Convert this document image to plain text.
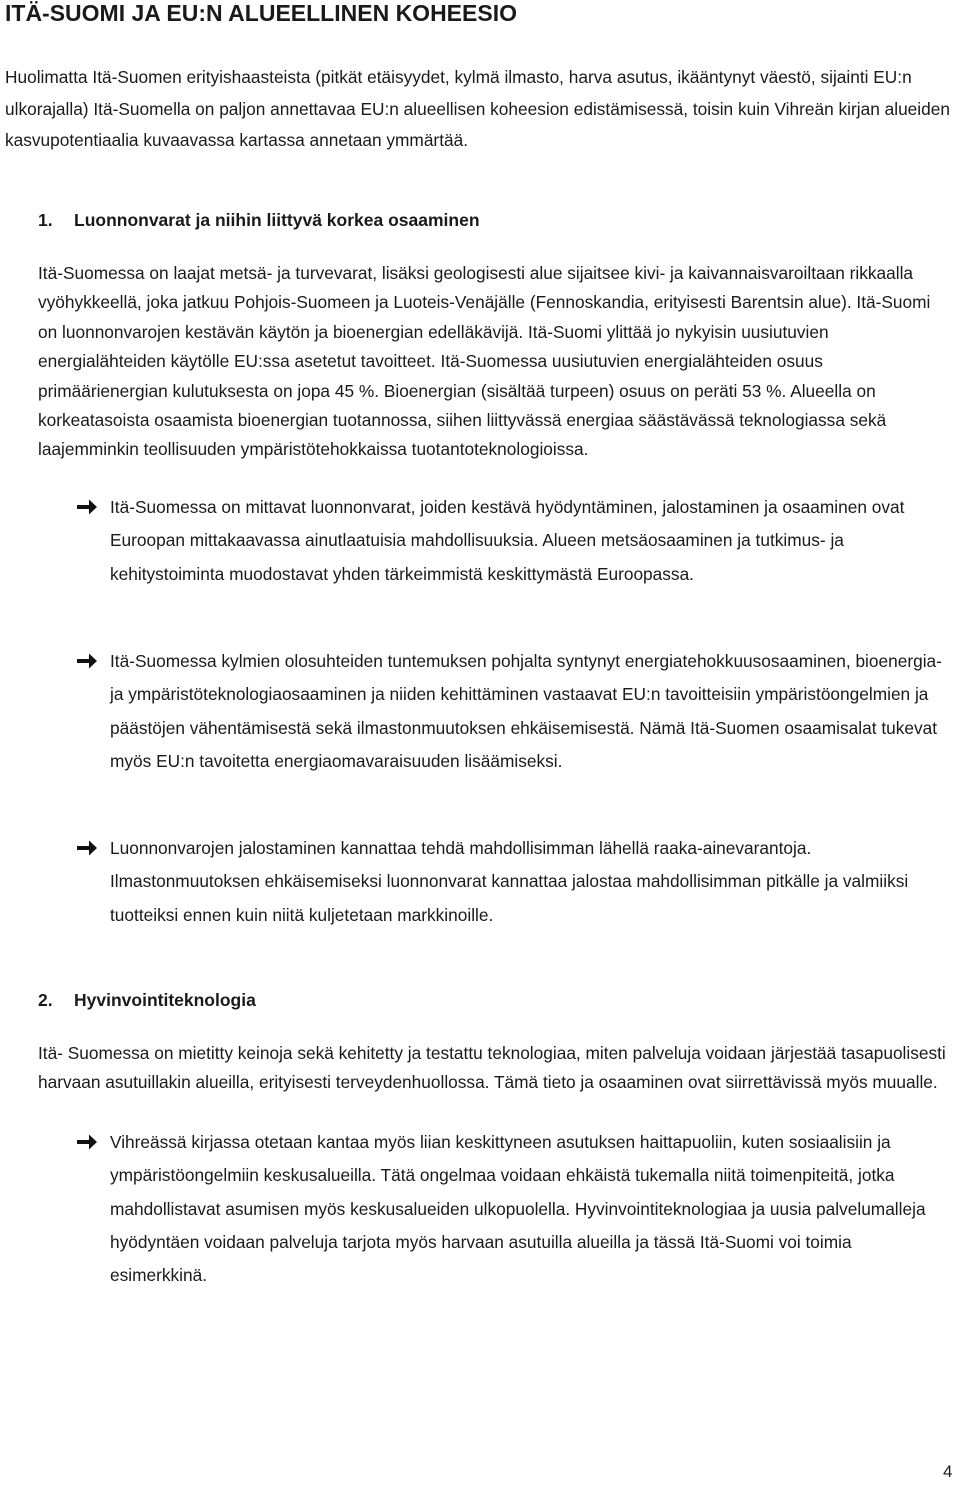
ITÄ-SUOMI JA EU:N ALUEELLINEN KOHEESIO

Huolimatta Itä-Suomen erityishaasteista (pitkät etäisyydet, kylmä ilmasto, harva asutus, ikääntynyt väestö, sijainti EU:n ulkorajalla) Itä-Suomella on paljon annettavaa EU:n alueellisen koheesion edistämisessä, toisin kuin Vihreän kirjan alueiden kasvupotentiaalia kuvaavassa kartassa annetaan ymmärtää.

1. Luonnonvarat ja niihin liittyvä korkea osaaminen

Itä-Suomessa on laajat metsä- ja turvevarat, lisäksi geologisesti alue sijaitsee kivi- ja kaivannaisvaroiltaan rikkaalla vyöhykkeellä, joka jatkuu Pohjois-Suomeen ja Luoteis-Venäjälle (Fennoskandia, erityisesti Barentsin alue). Itä-Suomi on luonnonvarojen kestävän käytön ja bioenergian edelläkävijä. Itä-Suomi ylittää jo nykyisin uusiutuvien energialähteiden käytölle EU:ssa asetetut tavoitteet. Itä-Suomessa uusiutuvien energialähteiden osuus primäärienergian kulutuksesta on jopa 45 %. Bioenergian (sisältää turpeen) osuus on peräti 53 %. Alueella on korkeatasoista osaamista bioenergian tuotannossa, siihen liittyvässä energiaa säästävässä teknologiassa sekä laajemminkin teollisuuden ympäristötehokkaissa tuotantoteknologioissa.

Itä-Suomessa on mittavat luonnonvarat, joiden kestävä hyödyntäminen, jalostaminen ja osaaminen ovat Euroopan mittakaavassa ainutlaatuisia mahdollisuuksia. Alueen metsäosaaminen ja tutkimus- ja kehitystoiminta muodostavat yhden tärkeimmistä keskittymästä Euroopassa.
Itä-Suomessa kylmien olosuhteiden tuntemuksen pohjalta syntynyt energiatehokkuusosaaminen, bioenergia- ja ympäristöteknologiaosaaminen ja niiden kehittäminen vastaavat EU:n tavoitteisiin ympäristöongelmien ja päästöjen vähentämisestä sekä ilmastonmuutoksen ehkäisemisestä. Nämä Itä-Suomen osaamisalat tukevat myös EU:n tavoitetta energiaomavaraisuuden lisäämiseksi.
Luonnonvarojen jalostaminen kannattaa tehdä mahdollisimman lähellä raaka-ainevarantoja. Ilmastonmuutoksen ehkäisemiseksi luonnonvarat kannattaa jalostaa mahdollisimman pitkälle ja valmiiksi tuotteiksi ennen kuin niitä kuljetetaan markkinoille.
2. Hyvinvointiteknologia

Itä- Suomessa on mietitty keinoja sekä kehitetty ja testattu teknologiaa, miten palveluja voidaan järjestää tasapuolisesti harvaan asutuillakin alueilla, erityisesti terveydenhuollossa. Tämä tieto ja osaaminen ovat siirrettävissä myös muualle.

Vihreässä kirjassa otetaan kantaa myös liian keskittyneen asutuksen haittapuoliin, kuten sosiaalisiin ja ympäristöongelmiin keskusalueilla. Tätä ongelmaa voidaan ehkäistä tukemalla niitä toimenpiteitä, jotka mahdollistavat asumisen myös keskusalueiden ulkopuolella. Hyvinvointiteknologiaa ja uusia palvelumalleja hyödyntäen voidaan palveluja tarjota myös harvaan asutuilla alueilla ja tässä Itä-Suomi voi toimia esimerkkinä.

4
